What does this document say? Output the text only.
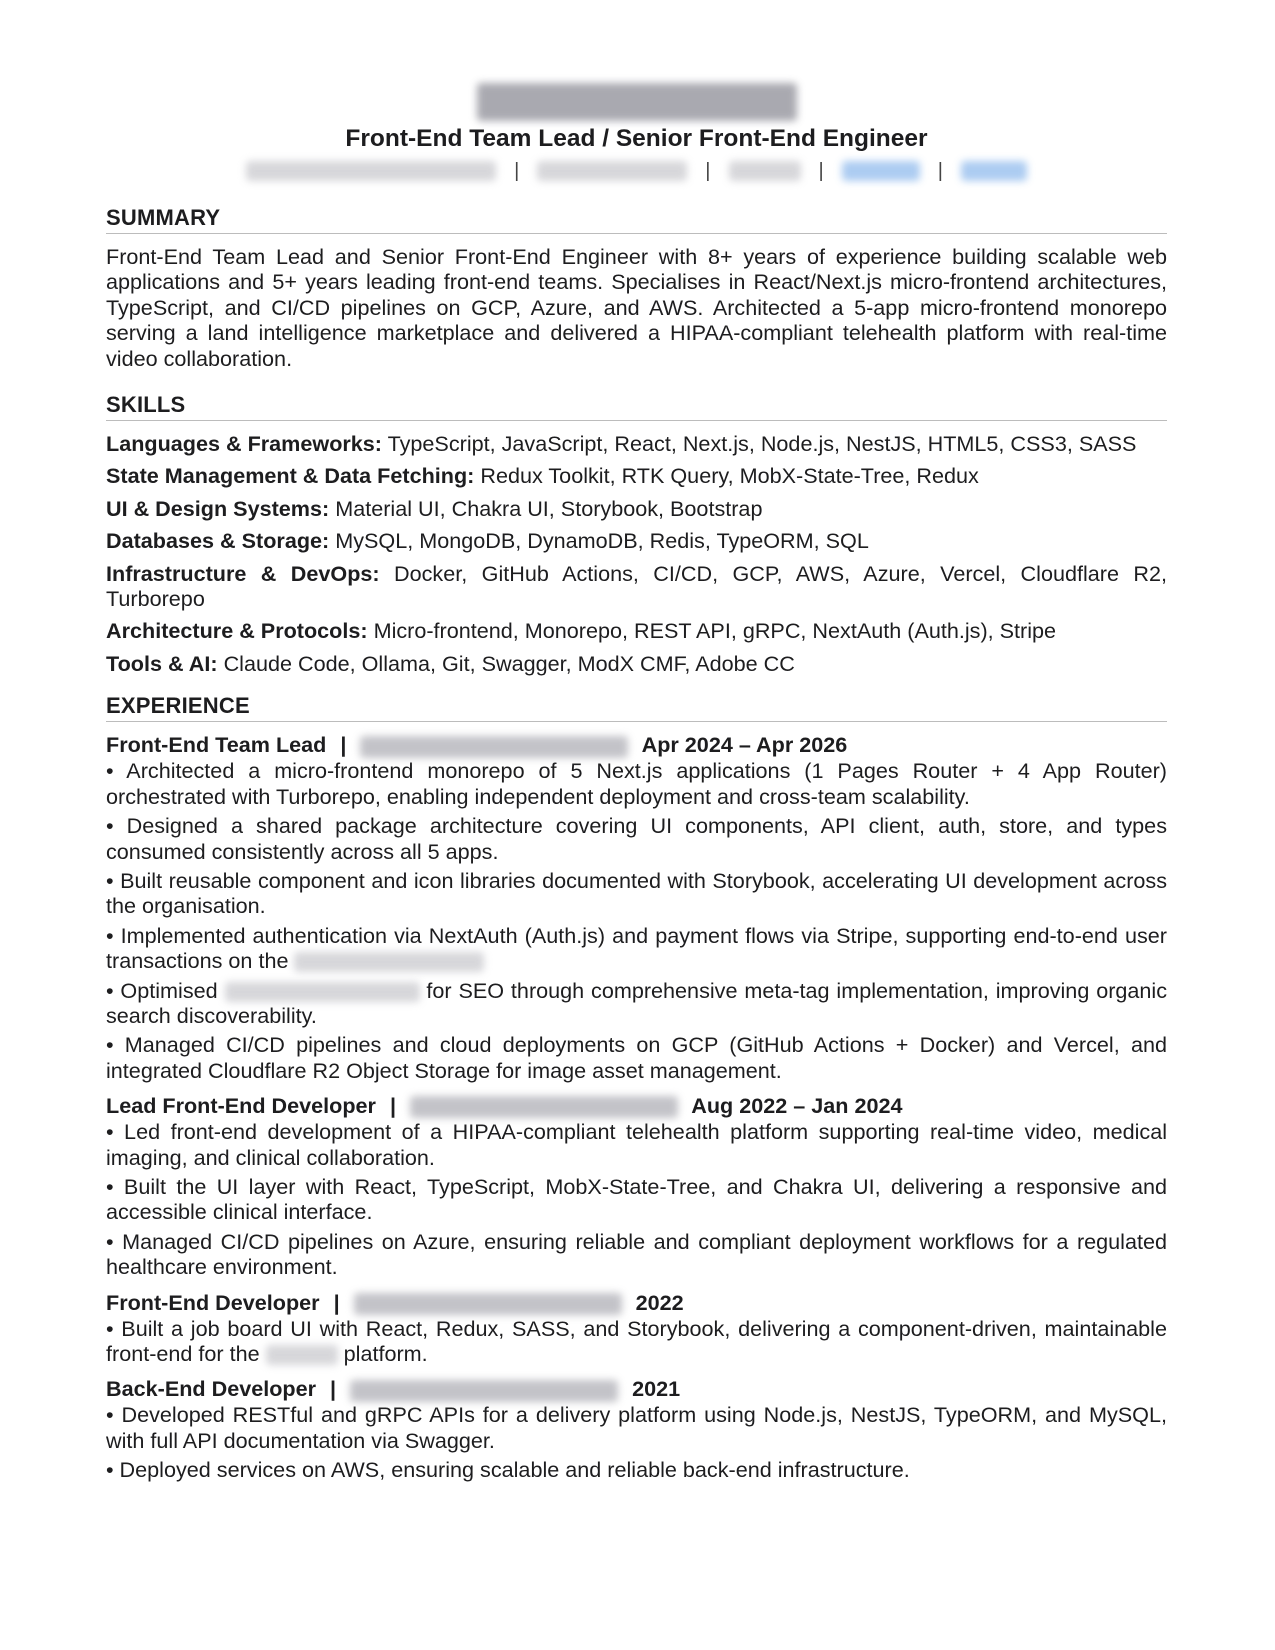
Front-End Team Lead / Senior Front-End Engineer
|	|	|	|
SUMMARY

Front-End Team Lead and Senior Front-End Engineer with 8+ years of experience building scalable web applications and 5+ years leading front-end teams. Specialises in React/Next.js micro-frontend architectures, TypeScript, and CI/CD pipelines on GCP, Azure, and AWS. Architected a 5-app micro-frontend monorepo serving a land intelligence marketplace and delivered a HIPAA-compliant telehealth platform with real-time video collaboration.

SKILLS

Languages & Frameworks: TypeScript, JavaScript, React, Next.js, Node.js, NestJS, HTML5, CSS3, SASS

State Management & Data Fetching: Redux Toolkit, RTK Query, MobX-State-Tree, Redux

UI & Design Systems: Material UI, Chakra UI, Storybook, Bootstrap

Databases & Storage: MySQL, MongoDB, DynamoDB, Redis, TypeORM, SQL

Infrastructure & DevOps: Docker, GitHub Actions, CI/CD, GCP, AWS, Azure, Vercel, Cloudflare R2, Turborepo

Architecture & Protocols: Micro-frontend, Monorepo, REST API, gRPC, NextAuth (Auth.js), Stripe

Tools & AI: Claude Code, Ollama, Git, Swagger, ModX CMF, Adobe CC

EXPERIENCE
Front-End Team Lead |	Apr 2024 – Apr 2026

• Architected a micro-frontend monorepo of 5 Next.js applications (1 Pages Router + 4 App Router) orchestrated with Turborepo, enabling independent deployment and cross-team scalability.

• Designed a shared package architecture covering UI components, API client, auth, store, and types consumed consistently across all 5 apps.

• Built reusable component and icon libraries documented with Storybook, accelerating UI development across the organisation.

• Implemented authentication via NextAuth (Auth.js) and payment flows via Stripe, supporting end-to-end user transactions on the

• Optimised	for SEO through comprehensive meta-tag implementation, improving organic search discoverability.

• Managed CI/CD pipelines and cloud deployments on GCP (GitHub Actions + Docker) and Vercel, and integrated Cloudflare R2 Object Storage for image asset management.

Lead Front-End Developer |	Aug 2022 – Jan 2024

• Led front-end development of a HIPAA-compliant telehealth platform supporting real-time video, medical imaging, and clinical collaboration.

• Built the UI layer with React, TypeScript, MobX-State-Tree, and Chakra UI, delivering a responsive and accessible clinical interface.

• Managed CI/CD pipelines on Azure, ensuring reliable and compliant deployment workflows for a regulated healthcare environment.

Front-End Developer |	2022

• Built a job board UI with React, Redux, SASS, and Storybook, delivering a component-driven, maintainable front-end for the	platform.

Back-End Developer |	2021

• Developed RESTful and gRPC APIs for a delivery platform using Node.js, NestJS, TypeORM, and MySQL, with full API documentation via Swagger.

• Deployed services on AWS, ensuring scalable and reliable back-end infrastructure.
